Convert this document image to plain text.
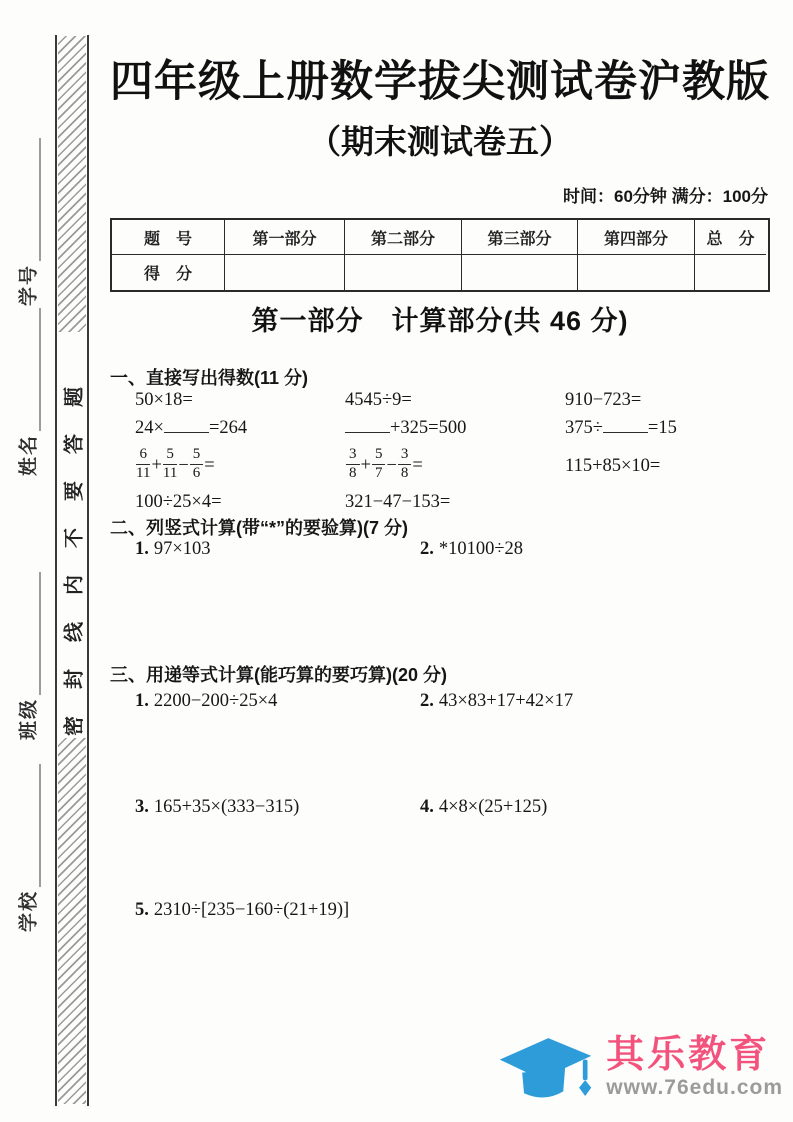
密封线内不要答题
学号
姓名
班级
学校
四年级上册数学拔尖测试卷沪教版
（期末测试卷五）
时间：60分钟 满分：100分
题　号	第一部分	第二部分	第三部分	第四部分	总　分
得　分
第一部分　计算部分(共 46 分)
一、直接写出得数(11 分)
50×18=	4545÷9=	910−723=
24× =264	+325=500	375÷ =15
$\frac{6}{11} + \frac{5}{11} - \frac{5}{6}$ =	$\frac{3}{8} + \frac{5}{7} - \frac{3}{8}$ =	115+85×10=
100÷25×4=	321−47−153=
二、列竖式计算(带“*”的要验算)(7 分)
1. 97×103	2. *10100÷28
三、用递等式计算(能巧算的要巧算)(20 分)
1. 2200−200÷25×4	2. 43×83+17+42×17
3. 165+35×(333−315)	4. 4×8×(25+125)
5. 2310÷[235−160÷(21+19)]
其乐教育
www.76edu.com
